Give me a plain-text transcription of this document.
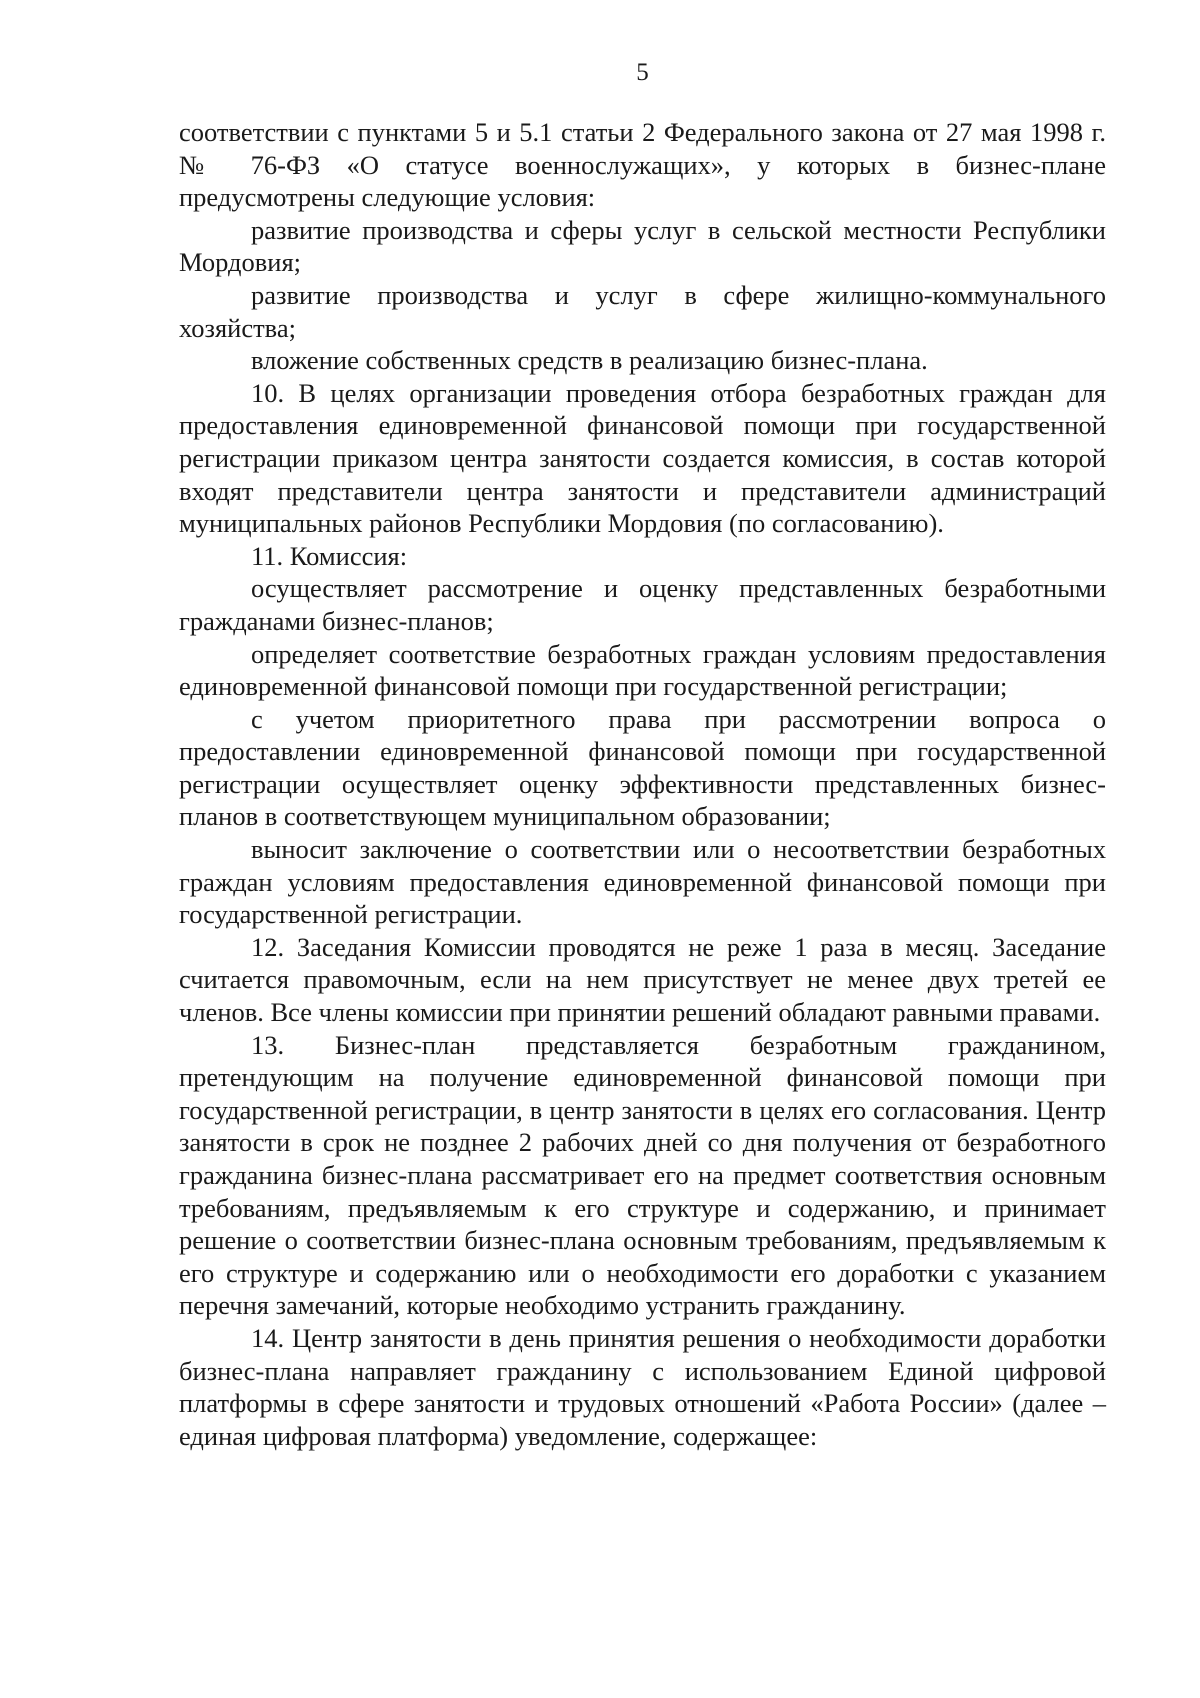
5

соответствии с пунктами 5 и 5.1 статьи 2 Федерального закона от 27 мая 1998 г. № 76-ФЗ «О статусе военнослужащих», у которых в бизнес-плане предусмотрены следующие условия:

развитие производства и сферы услуг в сельской местности Республики Мордовия;

развитие производства и услуг в сфере жилищно-коммунального хозяйства;

вложение собственных средств в реализацию бизнес-плана.

10. В целях организации проведения отбора безработных граждан для предоставления единовременной финансовой помощи при государственной регистрации приказом центра занятости создается комиссия, в состав которой входят представители центра занятости и представители администраций муниципальных районов Республики Мордовия (по согласованию).

11. Комиссия:

осуществляет рассмотрение и оценку представленных безработными гражданами бизнес-планов;

определяет соответствие безработных граждан условиям предоставления единовременной финансовой помощи при государственной регистрации;

с учетом приоритетного права при рассмотрении вопроса о предоставлении единовременной финансовой помощи при государственной регистрации осуществляет оценку эффективности представленных бизнес-планов в соответствующем муниципальном образовании;

выносит заключение о соответствии или о несоответствии безработных граждан условиям предоставления единовременной финансовой помощи при государственной регистрации.

12. Заседания Комиссии проводятся не реже 1 раза в месяц. Заседание считается правомочным, если на нем присутствует не менее двух третей ее членов. Все члены комиссии при принятии решений обладают равными правами.

13. Бизнес-план представляется безработным гражданином, претендующим на получение единовременной финансовой помощи при государственной регистрации, в центр занятости в целях его согласования. Центр занятости в срок не позднее 2 рабочих дней со дня получения от безработного гражданина бизнес-плана рассматривает его на предмет соответствия основным требованиям, предъявляемым к его структуре и содержанию, и принимает решение о соответствии бизнес-плана основным требованиям, предъявляемым к его структуре и содержанию или о необходимости его доработки с указанием перечня замечаний, которые необходимо устранить гражданину.

14. Центр занятости в день принятия решения о необходимости доработки бизнес-плана направляет гражданину с использованием Единой цифровой платформы в сфере занятости и трудовых отношений «Работа России» (далее – единая цифровая платформа) уведомление, содержащее:
